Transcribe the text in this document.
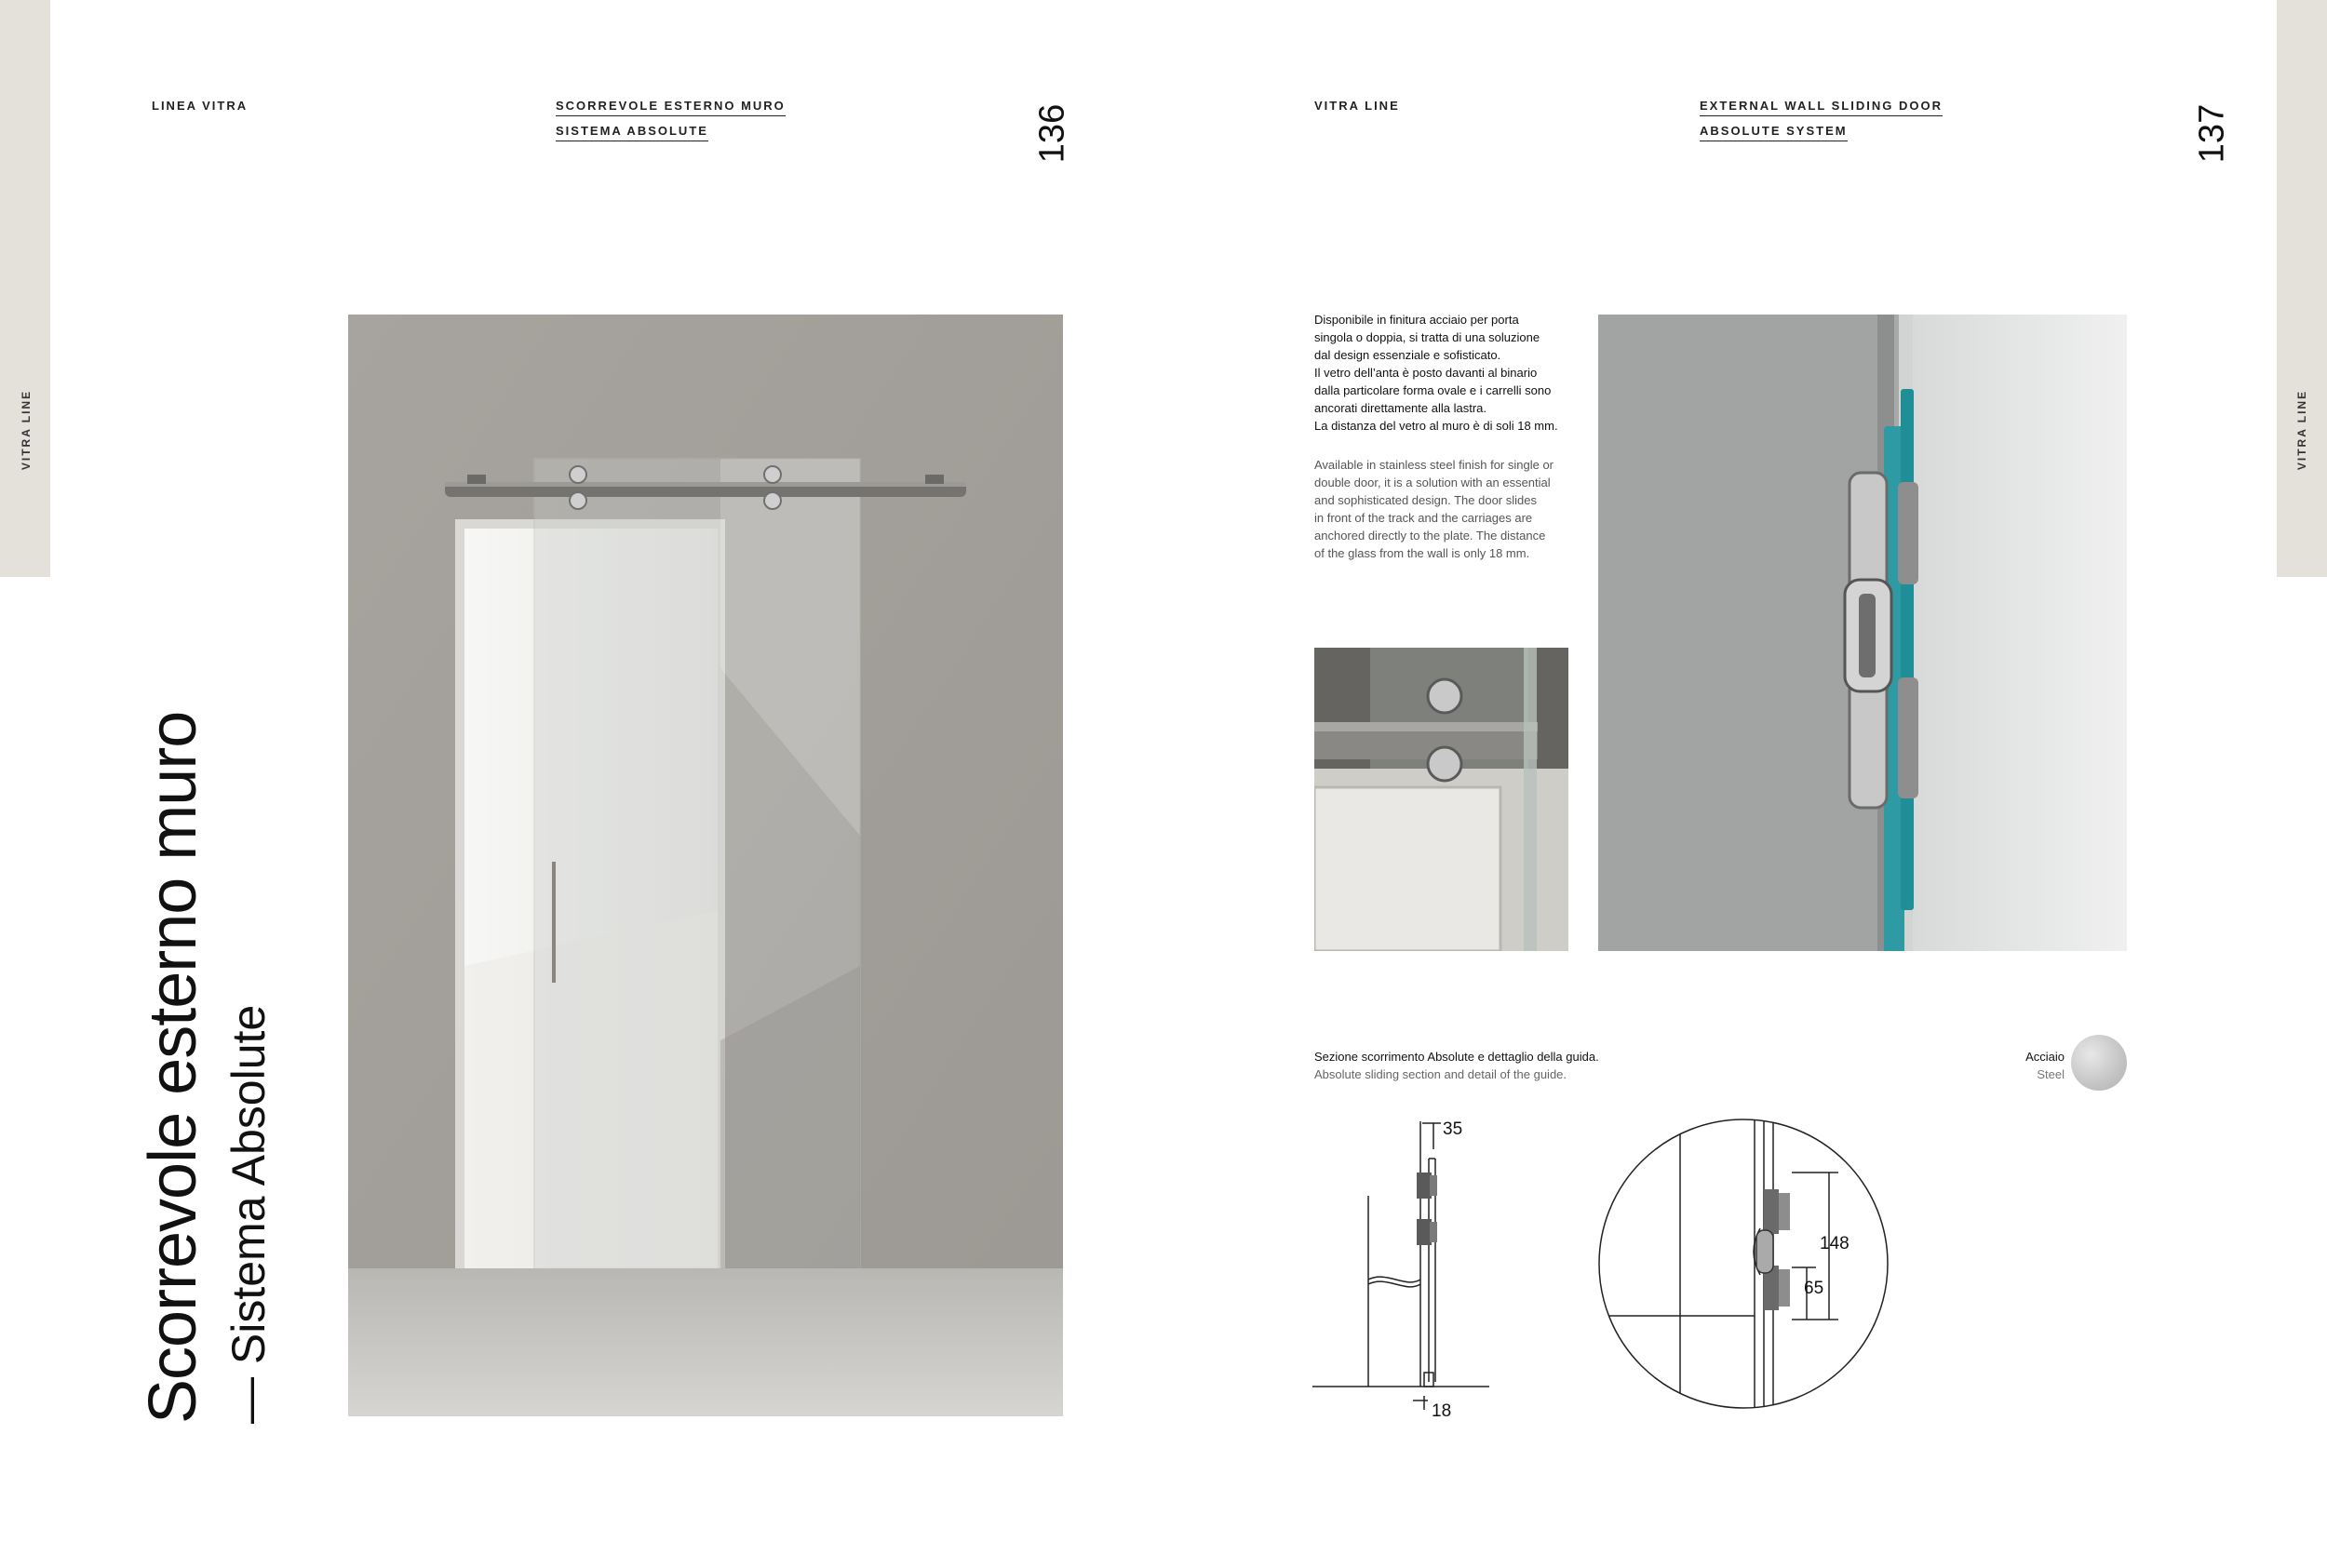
VITRA LINE	VITRA LINE
LINEA VITRA	SCORREVOLE ESTERNO MURO
SISTEMA ABSOLUTE	136	VITRA LINE	EXTERNAL WALL SLIDING DOOR
ABSOLUTE SYSTEM	137
Scorrevole esterno muro — Sistema Absolute
Disponibile in finitura acciaio per porta
singola o doppia, si tratta di una soluzione
dal design essenziale e sofisticato.
Il vetro dell’anta è posto davanti al binario
dalla particolare forma ovale e i carrelli sono
ancorati direttamente alla lastra.
La distanza del vetro al muro è di soli 18 mm.
Available in stainless steel finish for single or
double door, it is a solution with an essential
and sophisticated design. The door slides
in front of the track and the carriages are
anchored directly to the plate. The distance
of the glass from the wall is only 18 mm.
Sezione scorrimento Absolute e dettaglio della guida.
Absolute sliding section and detail of the guide.
Acciaio
Steel
35
18
148
65
